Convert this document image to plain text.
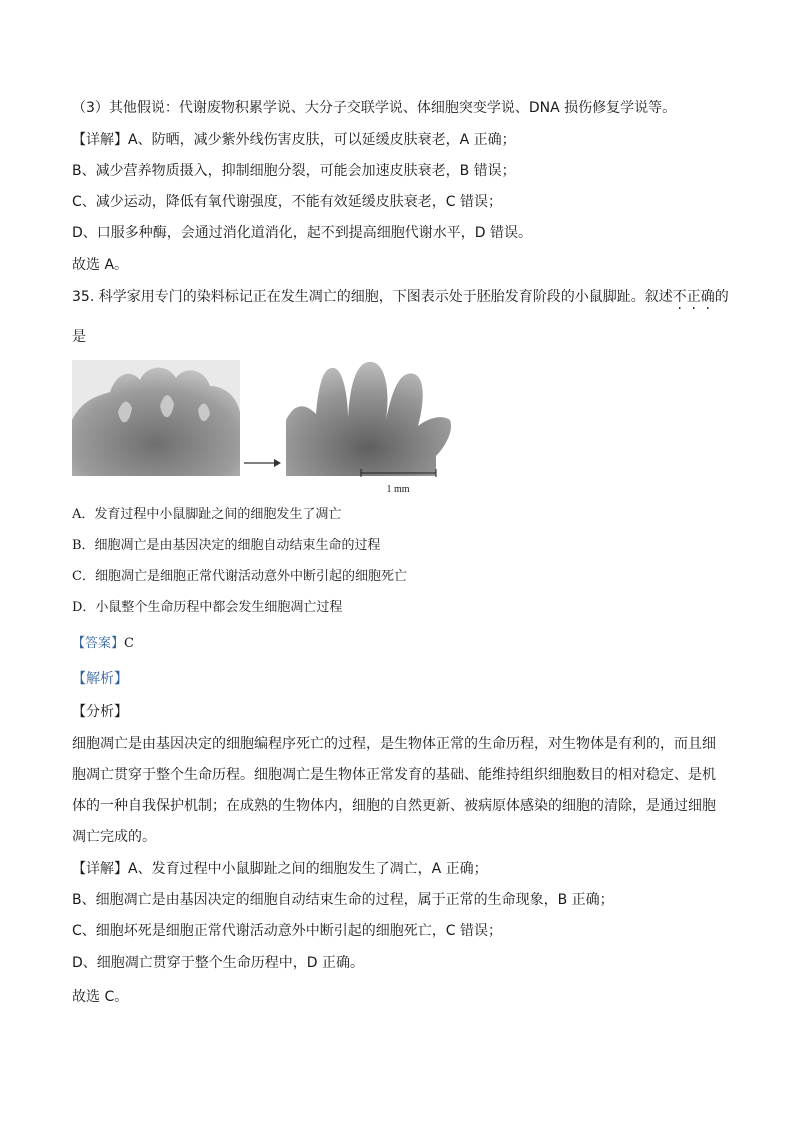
（3）其他假说：代谢废物积累学说、大分子交联学说、体细胞突变学说、DNA 损伤修复学说等。
【详解】A、防晒，减少紫外线伤害皮肤，可以延缓皮肤衰老，A 正确；
B、减少营养物质摄入，抑制细胞分裂，可能会加速皮肤衰老，B 错误；
C、减少运动，降低有氧代谢强度，不能有效延缓皮肤衰老，C 错误；
D、口服多种酶，会通过消化道消化，起不到提高细胞代谢水平，D 错误。
故选 A。
35. 科学家用专门的染料标记正在发生凋亡的细胞，下图表示处于胚胎发育阶段的小鼠脚趾。叙述不正确的
是
1 mm
A．发育过程中小鼠脚趾之间的细胞发生了凋亡
B．细胞凋亡是由基因决定的细胞自动结束生命的过程
C．细胞凋亡是细胞正常代谢活动意外中断引起的细胞死亡
D．小鼠整个生命历程中都会发生细胞凋亡过程
【答案】C
【解析】
【分析】
细胞凋亡是由基因决定的细胞编程序死亡的过程，是生物体正常的生命历程，对生物体是有利的，而且细
胞凋亡贯穿于整个生命历程。细胞凋亡是生物体正常发育的基础、能维持组织细胞数目的相对稳定、是机
体的一种自我保护机制；在成熟的生物体内，细胞的自然更新、被病原体感染的细胞的清除，是通过细胞
凋亡完成的。
【详解】A、发育过程中小鼠脚趾之间的细胞发生了凋亡，A 正确；
B、细胞凋亡是由基因决定的细胞自动结束生命的过程，属于正常的生命现象，B 正确；
C、细胞坏死是细胞正常代谢活动意外中断引起的细胞死亡，C 错误；
D、细胞凋亡贯穿于整个生命历程中，D 正确。
故选 C。
